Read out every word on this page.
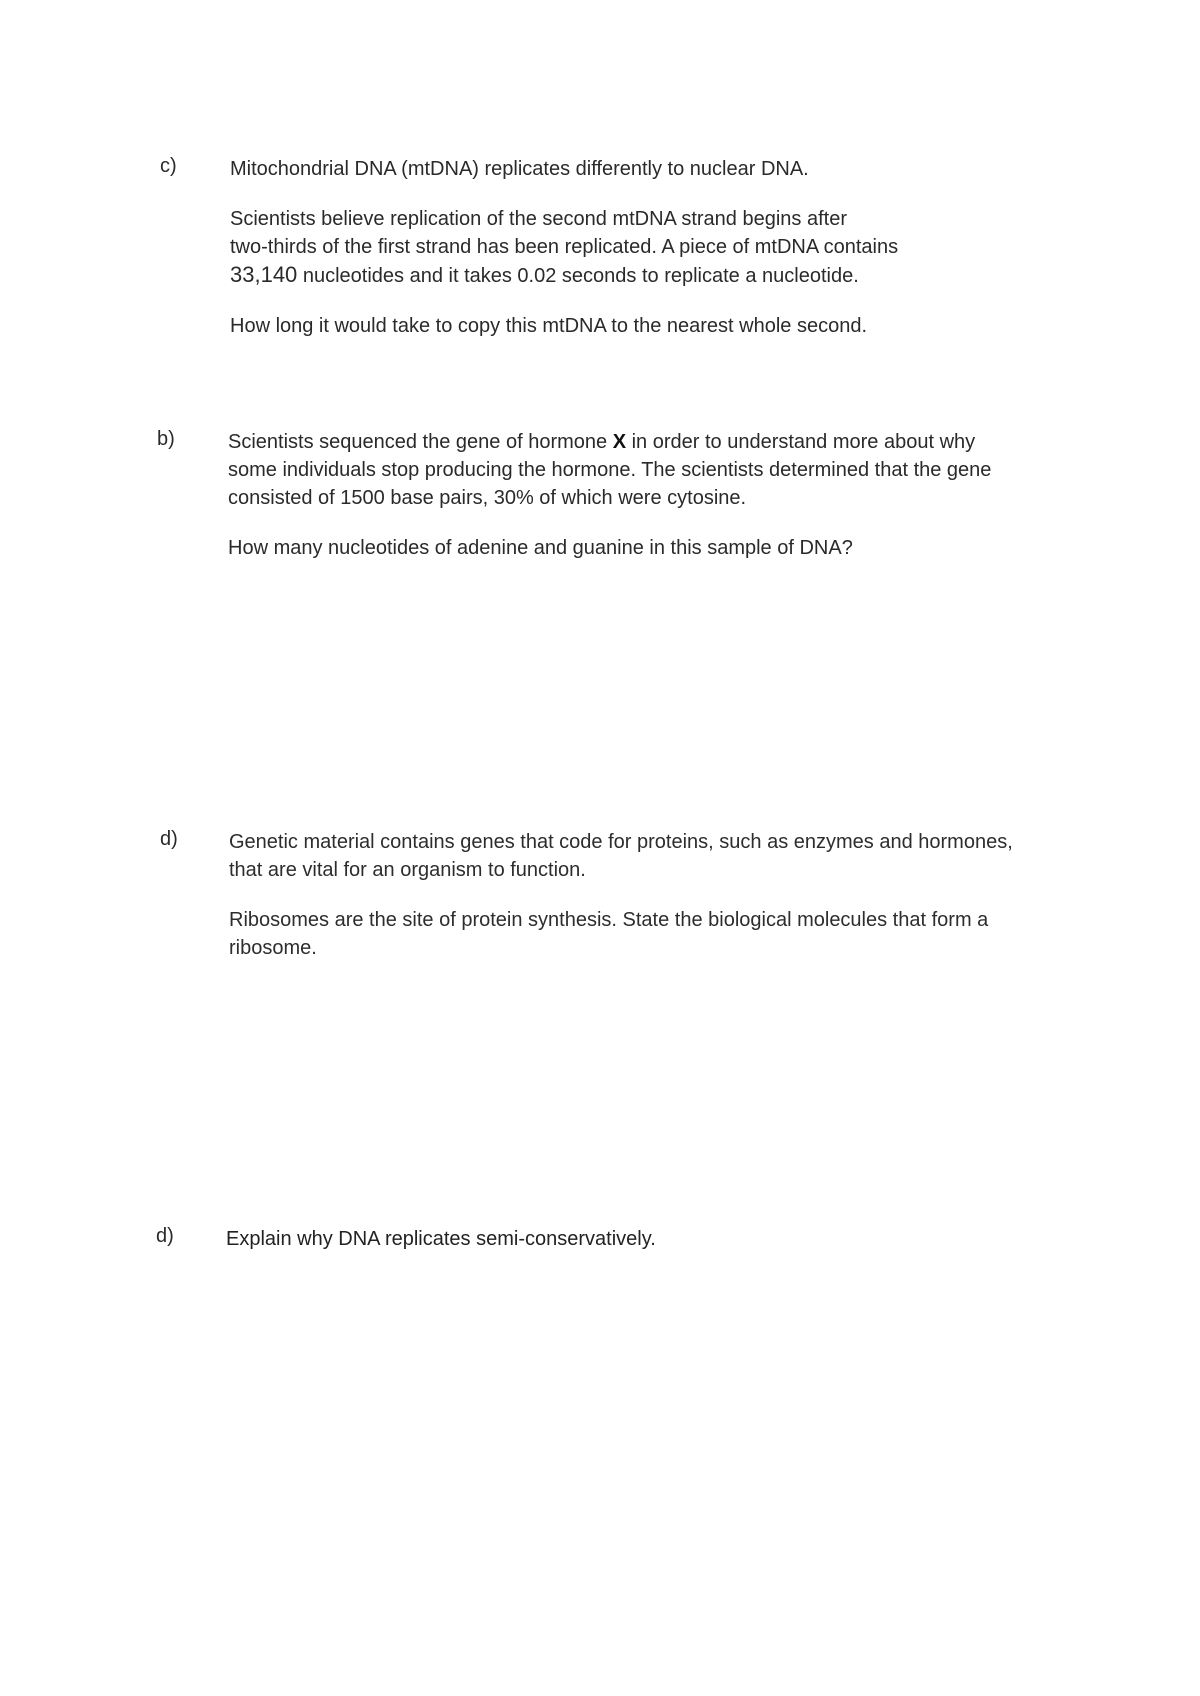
c)	Mitochondrial DNA (mtDNA) replicates differently to nuclear DNA.

Scientists believe replication of the second mtDNA strand begins after
two-thirds of the first strand has been replicated. A piece of mtDNA contains
33,140 nucleotides and it takes 0.02 seconds to replicate a nucleotide.

How long it would take to copy this mtDNA to the nearest whole second.

b)	Scientists sequenced the gene of hormone X in order to understand more about why
some individuals stop producing the hormone. The scientists determined that the gene
consisted of 1500 base pairs, 30% of which were cytosine.

How many nucleotides of adenine and guanine in this sample of DNA?

d)	Genetic material contains genes that code for proteins, such as enzymes and hormones,
that are vital for an organism to function.

Ribosomes are the site of protein synthesis. State the biological molecules that form a
ribosome.

d)	Explain why DNA replicates semi-conservatively.
